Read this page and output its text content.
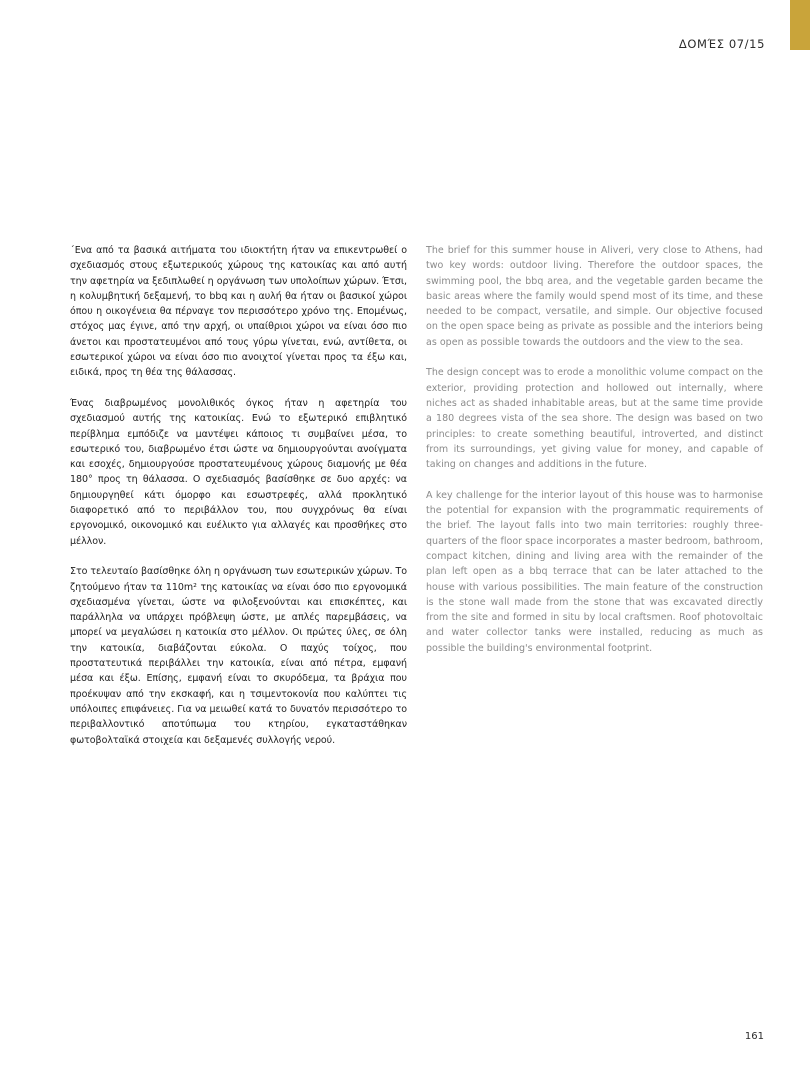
ΔΟΜΈΣ 07/15

΄Ενα από τα βασικά αιτήματα του ιδιοκτήτη ήταν να επικεντρωθεί ο σχεδιασμός στους εξωτερικούς χώρους της κατοικίας και από αυτή την αφετηρία να ξεδιπλωθεί η οργάνωση των υπολοίπων χώρων. Έτσι, η κολυμβητική δεξαμενή, το bbq και η αυλή θα ήταν οι βασικοί χώροι όπου η οικογένεια θα πέρναγε τον περισσότερο χρόνο της. Επομένως, στόχος μας έγινε, από την αρχή, οι υπαίθριοι χώροι να είναι όσο πιο άνετοι και προστατευμένοι από τους γύρω γίνεται, ενώ, αντίθετα, οι εσωτερικοί χώροι να είναι όσο πιο ανοιχτοί γίνεται προς τα έξω και, ειδικά, προς τη θέα της θάλασσας.

Ένας διαβρωμένος μονολιθικός όγκος ήταν η αφετηρία του σχεδιασμού αυτής της κατοικίας. Ενώ το εξωτερικό επιβλητικό περίβλημα εμπόδιζε να μαντέψει κάποιος τι συμβαίνει μέσα, το εσωτερικό του, διαβρωμένο έτσι ώστε να δημιουργούνται ανοίγματα και εσοχές, δημιουργούσε προστατευμένους χώρους διαμονής με θέα 180° προς τη θάλασσα. Ο σχεδιασμός βασίσθηκε σε δυο αρχές: να δημιουργηθεί κάτι όμορφο και εσωστρεφές, αλλά προκλητικό διαφορετικό από το περιβάλλον του, που συγχρόνως θα είναι εργονομικό, οικονομικό και ευέλικτο για αλλαγές και προσθήκες στο μέλλον.

Στο τελευταίο βασίσθηκε όλη η οργάνωση των εσωτερικών χώρων. Το ζητούμενο ήταν τα 110m² της κατοικίας να είναι όσο πιο εργονομικά σχεδιασμένα γίνεται, ώστε να φιλοξενούνται και επισκέπτες, και παράλληλα να υπάρχει πρόβλεψη ώστε, με απλές παρεμβάσεις, να μπορεί να μεγαλώσει η κατοικία στο μέλλον. Οι πρώτες ύλες, σε όλη την κατοικία, διαβάζονται εύκολα. Ο παχύς τοίχος, που προστατευτικά περιβάλλει την κατοικία, είναι από πέτρα, εμφανή μέσα και έξω. Επίσης, εμφανή είναι το σκυρόδεμα, τα βράχια που προέκυψαν από την εκσκαφή, και η τσιμεντοκονία που καλύπτει τις υπόλοιπες επιφάνειες. Για να μειωθεί κατά το δυνατόν περισσότερο το περιβαλλοντικό αποτύπωμα του κτηρίου, εγκαταστάθηκαν φωτοβολταϊκά στοιχεία και δεξαμενές συλλογής νερού.

The brief for this summer house in Aliveri, very close to Athens, had two key words: outdoor living. Therefore the outdoor spaces, the swimming pool, the bbq area, and the vegetable garden became the basic areas where the family would spend most of its time, and these needed to be compact, versatile, and simple. Our objective focused on the open space being as private as possible and the interiors being as open as possible towards the outdoors and the view to the sea.

The design concept was to erode a monolithic volume compact on the exterior, providing protection and hollowed out internally, where niches act as shaded inhabitable areas, but at the same time provide a 180 degrees vista of the sea shore. The design was based on two principles: to create something beautiful, introverted, and distinct from its surroundings, yet giving value for money, and capable of taking on changes and additions in the future.

A key challenge for the interior layout of this house was to harmonise the potential for expansion with the programmatic requirements of the brief. The layout falls into two main territories: roughly three-quarters of the floor space incorporates a master bedroom, bathroom, compact kitchen, dining and living area with the remainder of the plan left open as a bbq terrace that can be later attached to the house with various possibilities. The main feature of the construction is the stone wall made from the stone that was excavated directly from the site and formed in situ by local craftsmen. Roof photovoltaic and water collector tanks were installed, reducing as much as possible the building's environmental footprint.

161
